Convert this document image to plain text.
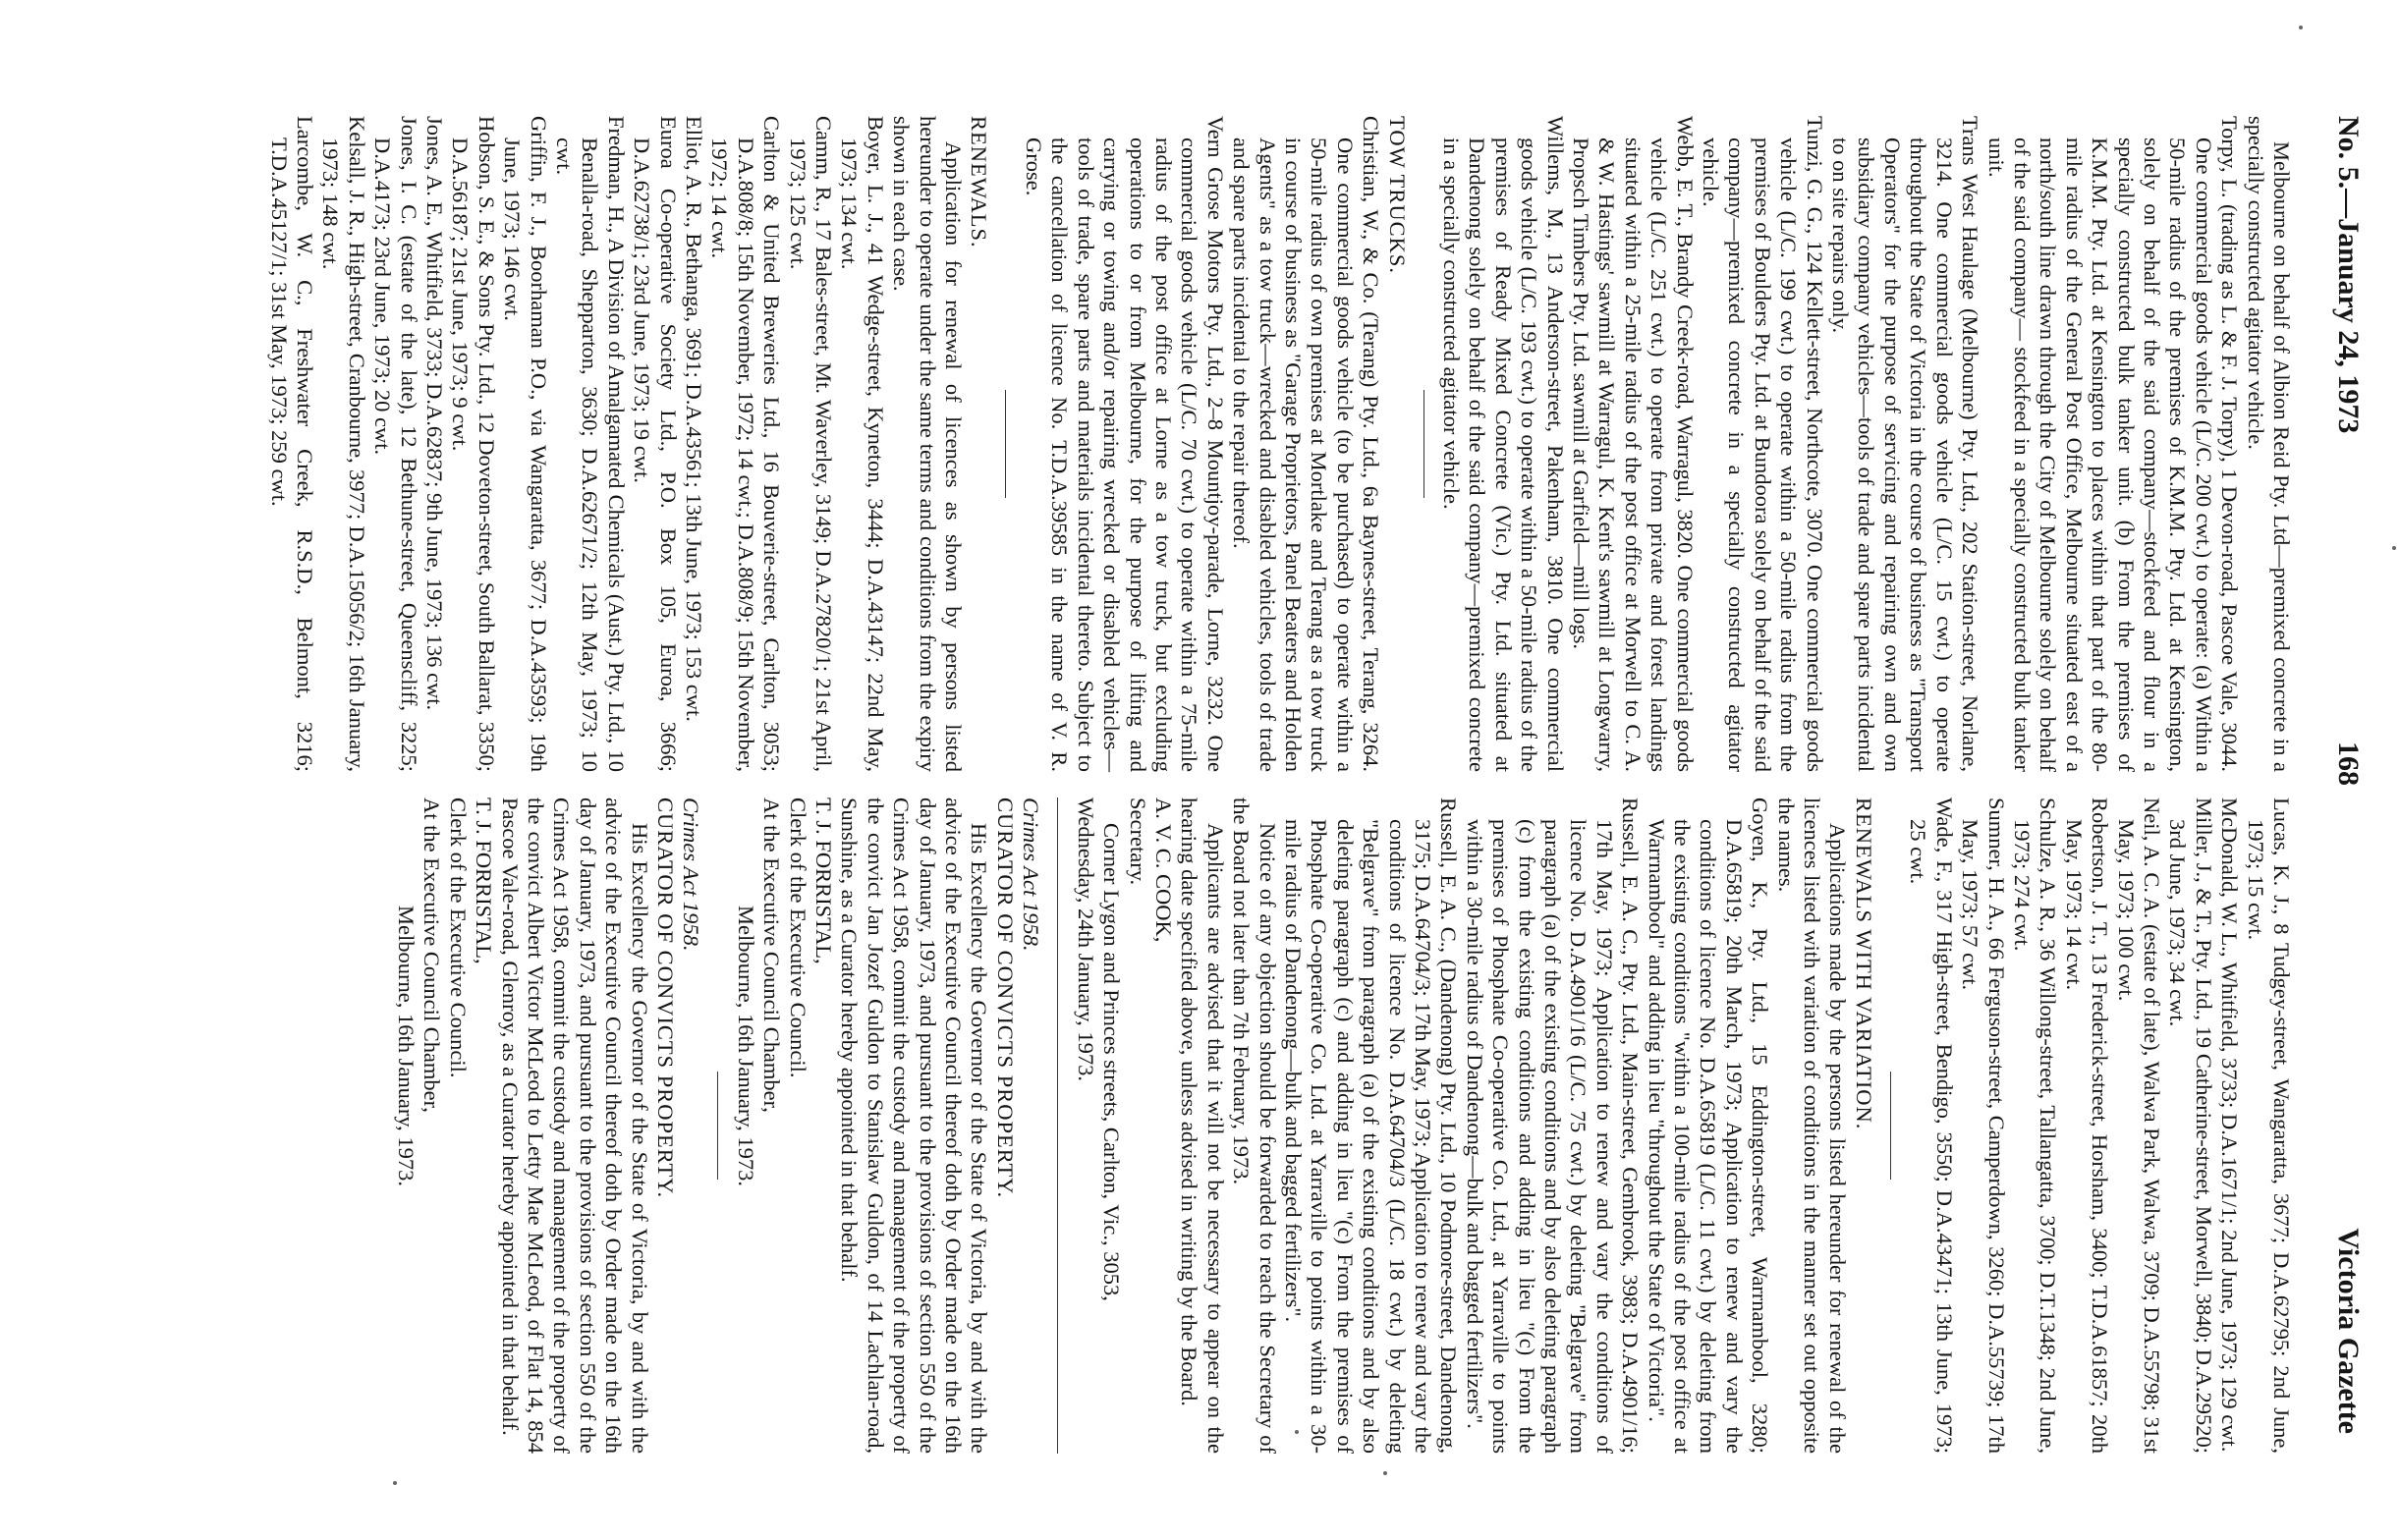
No. 5.—January 24, 1973
168
Victoria Gazette

Melbourne on behalf of Albion Reid Pty. Ltd—premixed concrete in a specially constructed agitator vehicle.

Torpy, L. (trading as L. & F. J. Torpy), 1 Devon-road, Pascoe Vale, 3044. One commercial goods vehicle (L/C. 200 cwt.) to operate: (a) Within a 50-mile radius of the premises of K.M.M. Pty. Ltd. at Kensington, solely on behalf of the said company—stockfeed and flour in a specially constructed bulk tanker unit. (b) From the premises of K.M.M. Pty. Ltd. at Kensington to places within that part of the 80-mile radius of the General Post Office, Melbourne situated east of a north/south line drawn through the City of Melbourne solely on behalf of the said company— stockfeed in a specially constructed bulk tanker unit.

Trans West Haulage (Melbourne) Pty. Ltd., 202 Station-street, Norlane, 3214. One commercial goods vehicle (L/C. 15 cwt.) to operate throughout the State of Victoria in the course of business as "Transport Operators" for the purpose of servicing and repairing own and own subsidiary company vehicles—tools of trade and spare parts incidental to on site repairs only.

Tunzi, G. G., 124 Kellett-street, Northcote, 3070. One commercial goods vehicle (L/C. 199 cwt.) to operate within a 50-mile radius from the premises of Boulders Pty. Ltd. at Bundoora solely on behalf of the said company—premixed concrete in a specially constructed agitator vehicle.

Webb, E. T., Brandy Creek-road, Warragul, 3820. One commercial goods vehicle (L/C. 251 cwt.) to operate from private and forest landings situated within a 25-mile radius of the post office at Morwell to C. A. & W. Hastings' sawmill at Warragul, K. Kent's sawmill at Longwarry, Propsch Timbers Pty. Ltd. sawmill at Garfield—mill logs.

Willems, M., 13 Anderson-street, Pakenham, 3810. One commercial goods vehicle (L/C. 193 cwt.) to operate within a 50-mile radius of the premises of Ready Mixed Concrete (Vic.) Pty. Ltd. situated at Dandenong solely on behalf of the said company—premixed concrete in a specially constructed agitator vehicle.

TOW TRUCKS.

Christian, W., & Co. (Terang) Pty. Ltd., 6a Baynes-street, Terang, 3264. One commercial goods vehicle (to be purchased) to operate within a 50-mile radius of own premises at Mortlake and Terang as a tow truck in course of business as "Garage Proprietors, Panel Beaters and Holden Agents" as a tow truck—wrecked and disabled vehicles, tools of trade and spare parts incidental to the repair thereof.

Vern Grose Motors Pty. Ltd., 2–8 Mountjoy-parade, Lorne, 3232. One commercial goods vehicle (L/C. 70 cwt.) to operate within a 75-mile radius of the post office at Lorne as a tow truck, but excluding operations to or from Melbourne, for the purpose of lifting and carrying or towing and/or repairing wrecked or disabled vehicles—tools of trade, spare parts and materials incidental thereto. Subject to the cancellation of licence No. T.D.A.39585 in the name of V. R. Grose.

RENEWALS.

Application for renewal of licences as shown by persons listed hereunder to operate under the same terms and conditions from the expiry shown in each case.

Boyer, L. J., 41 Wedge-street, Kyneton, 3444; D.A.43147; 22nd May, 1973; 134 cwt.

Camm, R., 17 Bales-street, Mt. Waverley, 3149; D.A.27820/1; 21st April, 1973; 125 cwt.

Carlton & United Breweries Ltd., 16 Bouverie-street, Carlton, 3053; D.A.808/8; 15th November, 1972; 14 cwt.; D.A.808/9; 15th November, 1972; 14 cwt.

Elliot, A. R., Bethanga, 3691; D.A.43561; 13th June, 1973; 153 cwt.

Euroa Co-operative Society Ltd., P.O. Box 105, Euroa, 3666; D.A.62738/1; 23rd June, 1973; 19 cwt.

Fredman, H., A Division of Amalgamated Chemicals (Aust.) Pty. Ltd., 10 Benalla-road, Shepparton, 3630; D.A.62671/2; 12th May, 1973; 10 cwt.

Griffin, F. J., Boorhaman P.O., via Wangaratta, 3677; D.A.43593; 19th June, 1973; 146 cwt.

Hobson, S. E., & Sons Pty. Ltd., 12 Doveton-street, South Ballarat, 3350; D.A.56187; 21st June, 1973; 9 cwt.

Jones, A. E., Whitfield, 3733; D.A.62837; 9th June, 1973; 136 cwt.

Jones, I. C. (estate of the late), 12 Bethune-street, Queenscliff, 3225; D.A.4173; 23rd June, 1973; 20 cwt.

Kelsall, J. R., High-street, Cranbourne, 3977; D.A.15056/2; 16th January, 1973; 148 cwt.

Larcombe, W. C., Freshwater Creek, R.S.D., Belmont, 3216; T.D.A.45127/1; 31st May, 1973; 259 cwt.

Lucas, K. J., 8 Tudgey-street, Wangaratta, 3677; D.A.62795; 2nd June, 1973; 15 cwt.

McDonald, W. L., Whitfield, 3733; D.A.1671/1; 2nd June, 1973; 129 cwt.

Miller, J., & T., Pty. Ltd., 19 Catherine-street, Morwell, 3840; D.A.29520; 3rd June, 1973; 34 cwt.

Neil, A. C. A. (estate of late), Walwa Park, Walwa, 3709; D.A.55798; 31st May, 1973; 100 cwt.

Robertson, J. T., 13 Frederick-street, Horsham, 3400; T.D.A.61857; 20th May, 1973; 14 cwt.

Schulze, A. R., 36 Willong-street, Tallangatta, 3700; D.T.1348; 2nd June, 1973; 274 cwt.

Sumner, H. A., 66 Ferguson-street, Camperdown, 3260; D.A.55739; 17th May, 1973; 57 cwt.

Wade, F., 317 High-street, Bendigo, 3550; D.A.43471; 13th June, 1973; 25 cwt.

RENEWALS WITH VARIATION.

Applications made by the persons listed hereunder for renewal of the licences listed with variation of conditions in the manner set out opposite the names.

Goyen, K., Pty. Ltd., 15 Eddington-street, Warrnambool, 3280; D.A.65819; 20th March, 1973; Application to renew and vary the conditions of licence No. D.A.65819 (L/C. 11 cwt.) by deleting from the existing conditions "within a 100-mile radius of the post office at Warrnambool" and adding in lieu "throughout the State of Victoria".

Russell, E. A. C., Pty. Ltd., Main-street, Gembrook, 3983; D.A.4901/16; 17th May, 1973; Application to renew and vary the conditions of licence No. D.A.4901/16 (L/C. 75 cwt.) by deleting "Belgrave" from paragraph (a) of the existing conditions and by also deleting paragraph (c) from the existing conditions and adding in lieu "(c) From the premises of Phosphate Co-operative Co. Ltd., at Yarraville to points within a 30-mile radius of Dandenong—bulk and bagged fertilizers".

Russell, E. A. C., (Dandenong) Pty. Ltd., 10 Podmore-street, Dandenong, 3175; D.A.64704/3; 17th May, 1973; Application to renew and vary the conditions of licence No. D.A.64704/3 (L/C. 18 cwt.) by deleting "Belgrave" from paragraph (a) of the existing conditions and by also deleting paragraph (c) and adding in lieu "(c) From the premises of Phosphate Co-operative Co. Ltd. at Yarraville to points within a 30-mile radius of Dandenong—bulk and bagged fertilizers".

Notice of any objection should be forwarded to reach the Secretary of the Board not later than 7th February, 1973.

Applicants are advised that it will not be necessary to appear on the hearing date specified above, unless advised in writing by the Board.

A. V. C. COOK,

Secretary.

Corner Lygon and Princes streets, Carlton, Vic., 3053,

Wednesday, 24th January, 1973.

Crimes Act 1958.

CURATOR OF CONVICTS PROPERTY.

His Excellency the Governor of the State of Victoria, by and with the advice of the Executive Council thereof doth by Order made on the 16th day of January, 1973, and pursuant to the provisions of section 550 of the Crimes Act 1958, commit the custody and management of the property of the convict Jan Jozef Guldon to Stanislaw Guldon, of 14 Lachlan-road, Sunshine, as a Curator hereby appointed in that behalf.

T. J. FORRISTAL,

Clerk of the Executive Council.

At the Executive Council Chamber,

Melbourne, 16th January, 1973.

Crimes Act 1958.

CURATOR OF CONVICTS PROPERTY.

His Excellency the Governor of the State of Victoria, by and with the advice of the Executive Council thereof doth by Order made on the 16th day of January, 1973, and pursuant to the provisions of section 550 of the Crimes Act 1958, commit the custody and management of the property of the convict Albert Victor McLeod to Letty Mae McLeod, of Flat 14, 854 Pascoe Vale-road, Glenroy, as a Curator hereby appointed in that behalf.

T. J. FORRISTAL,

Clerk of the Executive Council.

At the Executive Council Chamber,

Melbourne, 16th January, 1973.
